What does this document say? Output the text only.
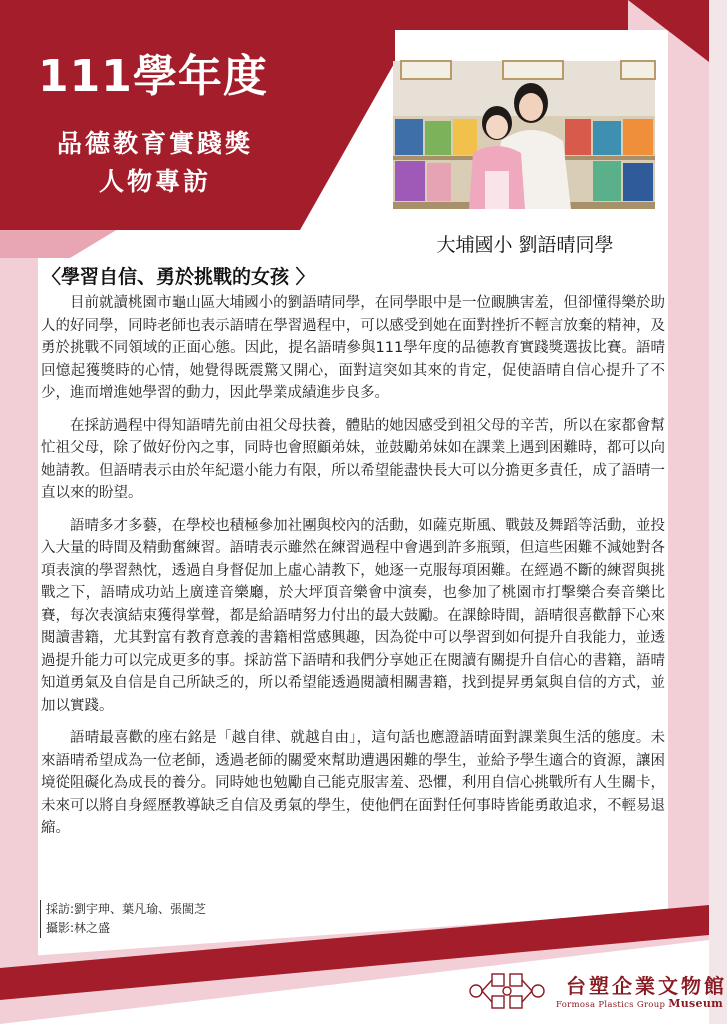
111學年度
品德教育實踐獎
人物專訪
大埔國小 劉語晴同學
〈學習自信、勇於挑戰的女孩 〉

目前就讀桃園市龜山區大埔國小的劉語晴同學，在同學眼中是一位靦腆害羞，但卻懂得樂於助人的好同學，同時老師也表示語晴在學習過程中，可以感受到她在面對挫折不輕言放棄的精神，及勇於挑戰不同領域的正面心態。因此，提名語晴參與111學年度的品德教育實踐獎選拔比賽。語晴回憶起獲獎時的心情，她覺得既震驚又開心，面對這突如其來的肯定，促使語晴自信心提升了不少，進而增進她學習的動力，因此學業成績進步良多。

在採訪過程中得知語晴先前由祖父母扶養，體貼的她因感受到祖父母的辛苦，所以在家都會幫忙祖父母，除了做好份內之事，同時也會照顧弟妹，並鼓勵弟妹如在課業上遇到困難時，都可以向她請教。但語晴表示由於年紀還小能力有限，所以希望能盡快長大可以分擔更多責任，成了語晴一直以來的盼望。

語晴多才多藝，在學校也積極參加社團與校內的活動，如薩克斯風、戰鼓及舞蹈等活動，並投入大量的時間及精動奮練習。語晴表示雖然在練習過程中會遇到許多瓶頸，但這些困難不減她對各項表演的學習熱忱，透過自身督促加上虛心請教下，她逐一克服每項困難。在經過不斷的練習與挑戰之下，語晴成功站上廣達音樂廳，於大坪頂音樂會中演奏，也參加了桃園市打擊樂合奏音樂比賽，每次表演結束獲得掌聲，都是給語晴努力付出的最大鼓勵。在課餘時間，語晴很喜歡靜下心來閱讀書籍，尤其對富有教育意義的書籍相當感興趣，因為從中可以學習到如何提升自我能力，並透過提升能力可以完成更多的事。採訪當下語晴和我們分享她正在閱讀有關提升自信心的書籍，語晴知道勇氣及自信是自己所缺乏的，所以希望能透過閱讀相關書籍，找到提昇勇氣與自信的方式，並加以實踐。

語晴最喜歡的座右銘是「越自律、就越自由」，這句話也應證語晴面對課業與生活的態度。未來語晴希望成為一位老師，透過老師的關愛來幫助遭遇困難的學生，並給予學生適合的資源，讓困境從阻礙化為成長的養分。同時她也勉勵自己能克服害羞、恐懼，利用自信心挑戰所有人生關卡，未來可以將自身經歷教導缺乏自信及勇氣的學生，使他們在面對任何事時皆能勇敢追求，不輕易退縮。

採訪:劉宇珅、葉凡瑜、張閩芝
攝影:林之盛
台塑企業文物館
Formosa Plastics Group Museum
